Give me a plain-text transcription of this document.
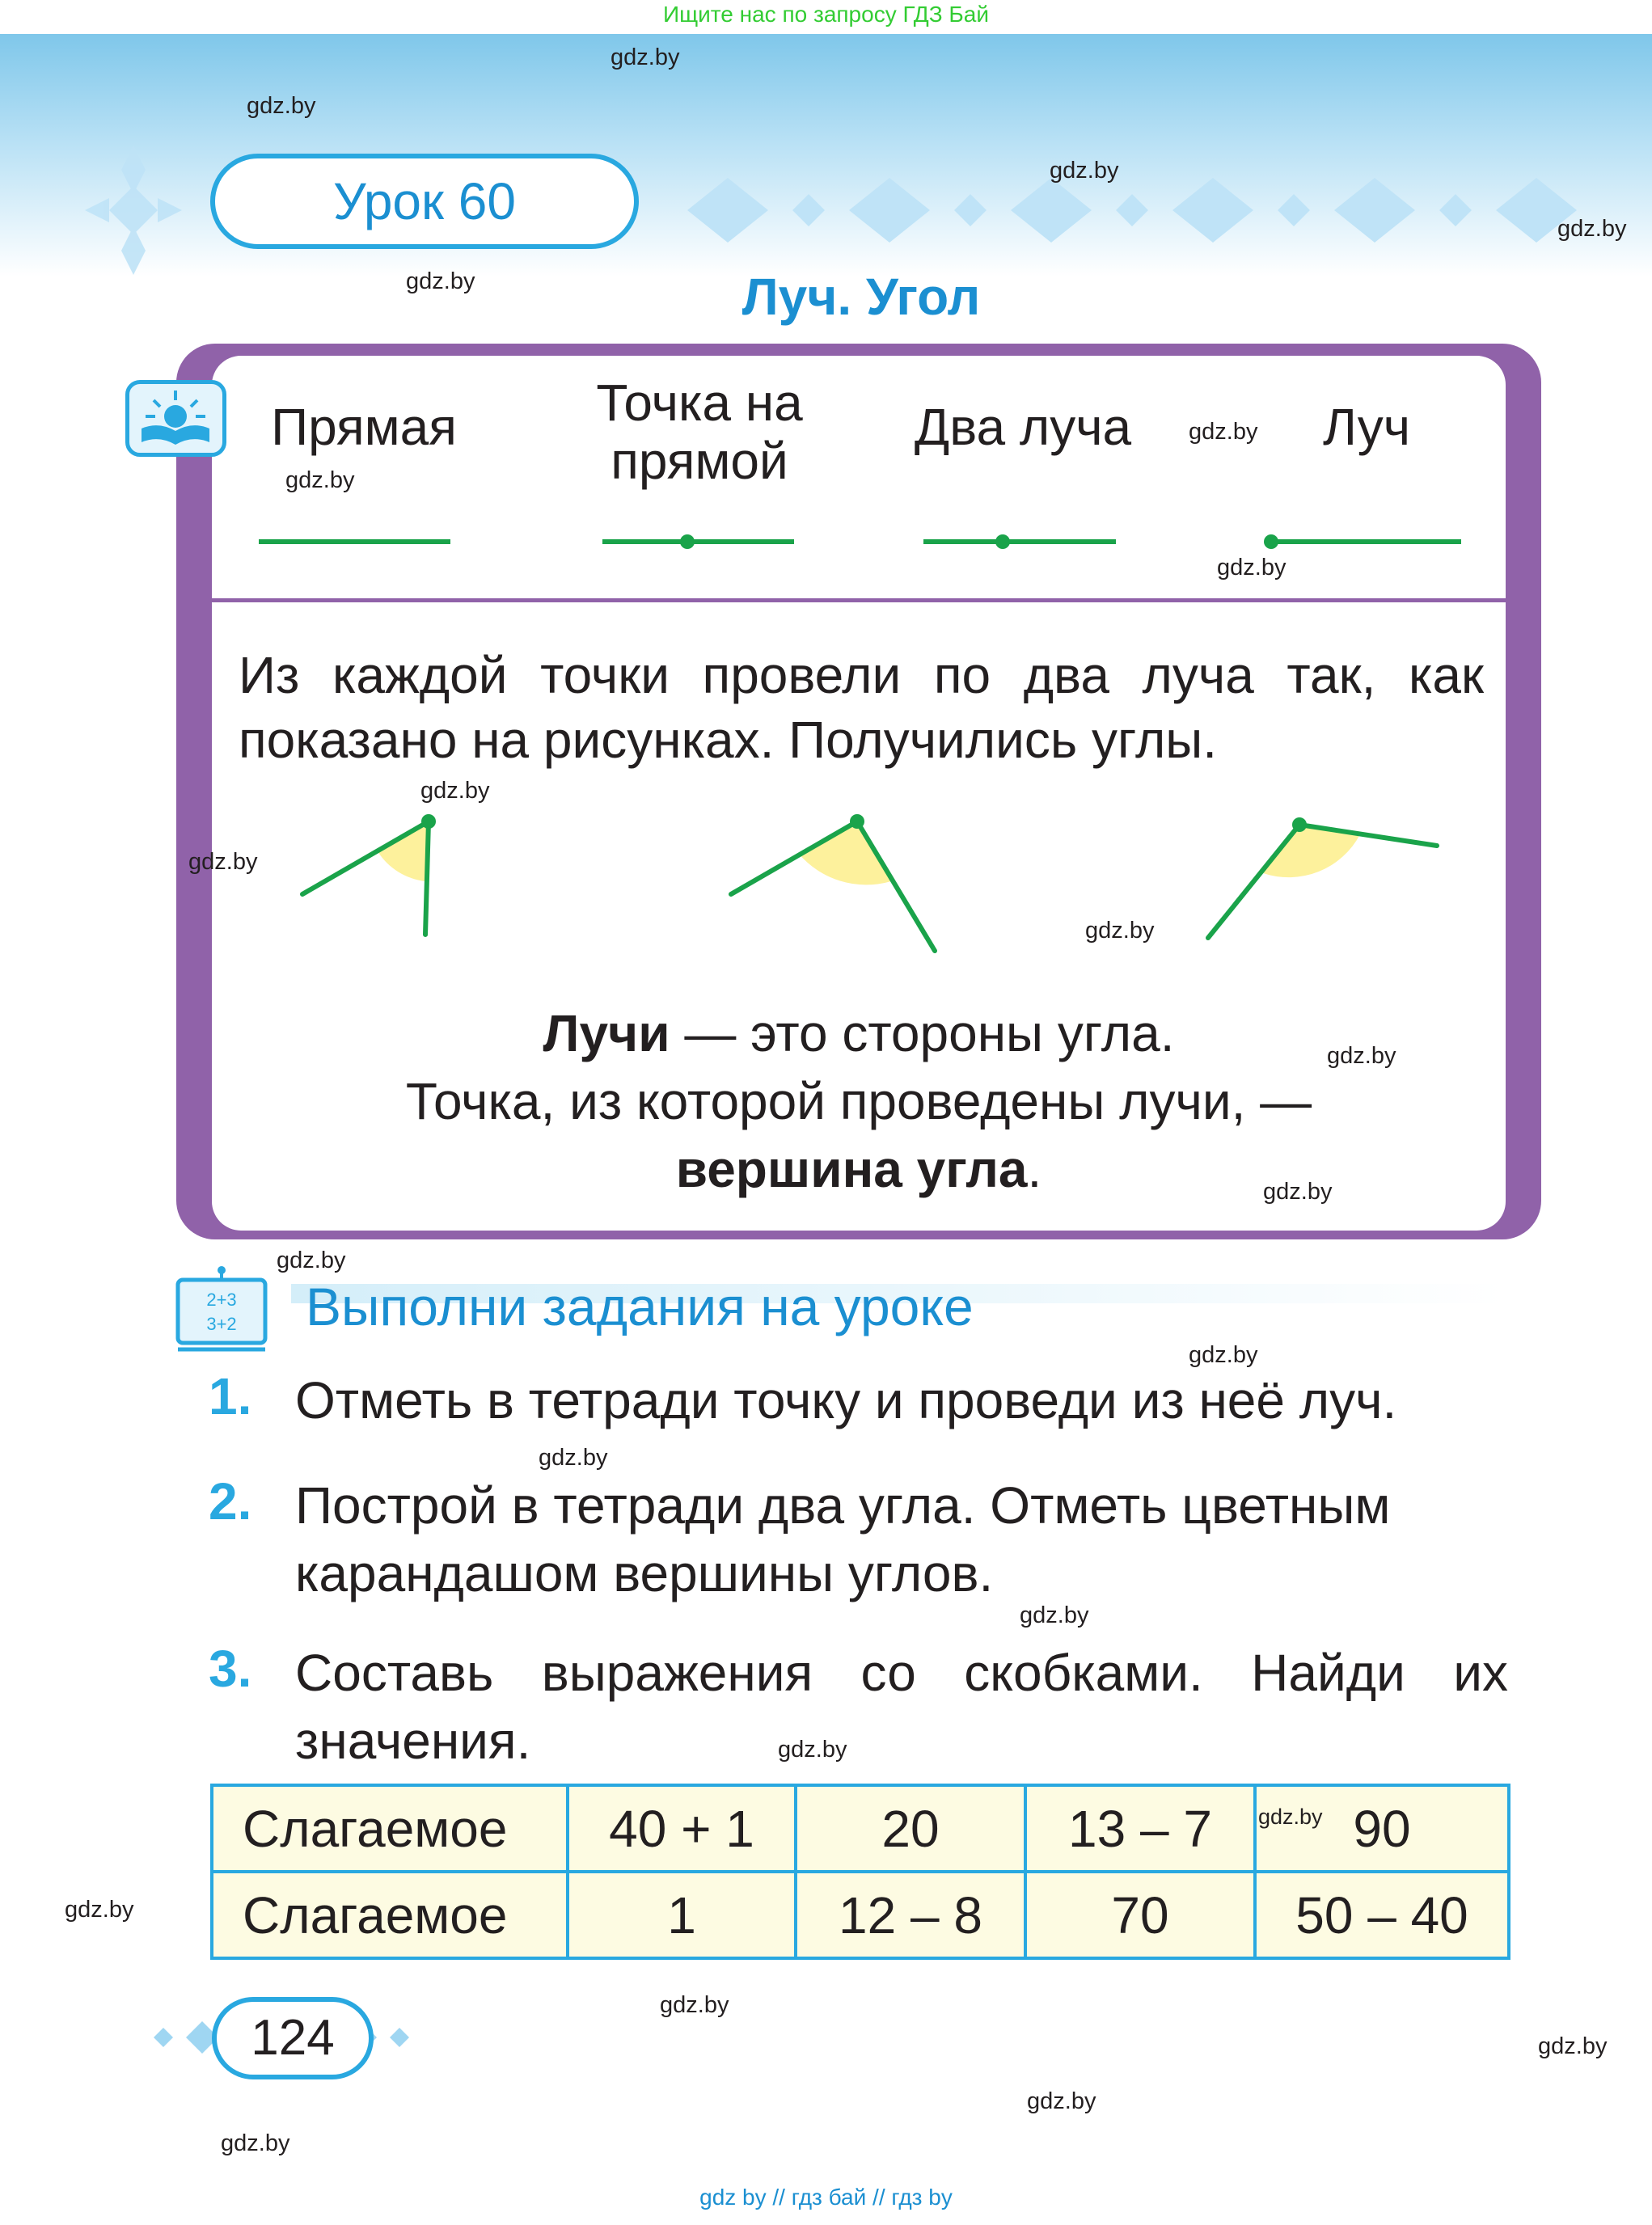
Ищите нас по запросу ГДЗ Бай
Урок 60
Луч. Угол
Прямая	Точка на прямой
Два луча	Луч
Из каждой точки провели по два луча так, как показано на рисунках. Получились углы.
Лучи — это стороны угла.
Точка, из которой проведены лучи, —
вершина угла.
2+3
3+2 Выполни задания на уроке
1. Отметь в тетради точку и проведи из неё луч.
2. Построй в тетради два угла. Отметь цветным карандашом вершины углов.
3. Составь выражения со скобками. Найди их значения.
Слагаемое	40 + 1	20	13 – 7	90
Слагаемое	1	12 – 8	70	50 – 40
124
gdz.by
gdz.by
gdz.by
gdz.by
gdz.by
gdz.by
gdz.by
gdz.by
gdz.by
gdz.by
gdz.by
gdz.by
gdz.by
gdz.by
gdz.by
gdz.by
gdz.by
gdz.by
gdz.by
gdz.by
gdz.by
gdz.by
gdz.by
gdz.by
gdz by // гдз бай // гдз by
